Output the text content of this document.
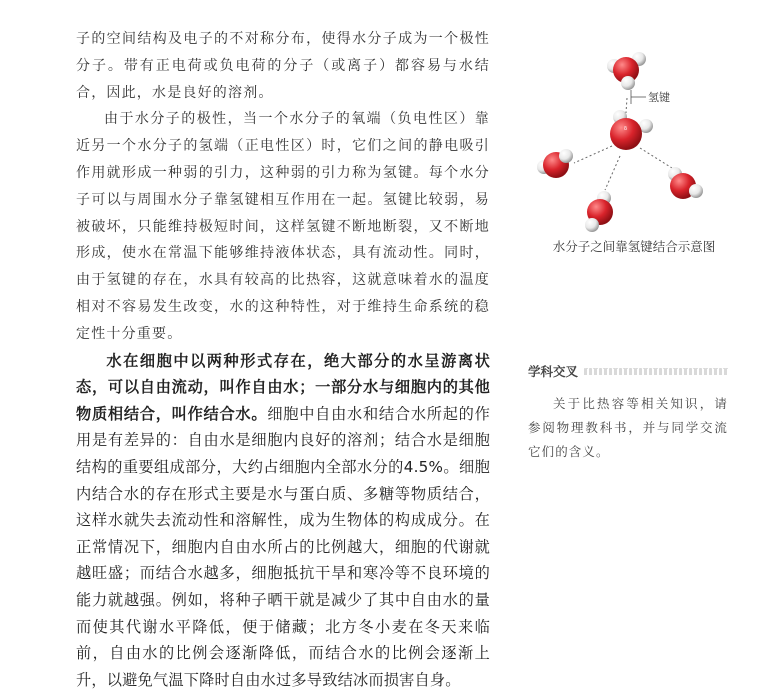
子的空间结构及电子的不对称分布，使得水分子成为一个极性分子。带有正电荷或负电荷的分子（或离子）都容易与水结合，因此，水是良好的溶剂。

由于水分子的极性，当一个水分子的氧端（负电性区）靠近另一个水分子的氢端（正电性区）时，它们之间的静电吸引作用就形成一种弱的引力，这种弱的引力称为氢键。每个水分子可以与周围水分子靠氢键相互作用在一起。氢键比较弱，易被破坏，只能维持极短时间，这样氢键不断地断裂，又不断地形成，使水在常温下能够维持液体状态，具有流动性。同时，由于氢键的存在，水具有较高的比热容，这就意味着水的温度相对不容易发生改变，水的这种特性，对于维持生命系统的稳定性十分重要。

水在细胞中以两种形式存在，绝大部分的水呈游离状态，可以自由流动，叫作自由水；一部分水与细胞内的其他物质相结合，叫作结合水。细胞中自由水和结合水所起的作用是有差异的：自由水是细胞内良好的溶剂；结合水是细胞结构的重要组成部分，大约占细胞内全部水分的4.5%。细胞内结合水的存在形式主要是水与蛋白质、多糖等物质结合，这样水就失去流动性和溶解性，成为生物体的构成成分。在正常情况下，细胞内自由水所占的比例越大，细胞的代谢就越旺盛；而结合水越多，细胞抵抗干旱和寒冷等不良环境的能力就越强。例如，将种子晒干就是减少了其中自由水的量而使其代谢水平降低，便于储藏；北方冬小麦在冬天来临前，自由水的比例会逐渐降低，而结合水的比例会逐渐上升，以避免气温下降时自由水过多导致结冰而损害自身。

氢键
δ
水分子之间靠氢键结合示意图
学科交叉

关于比热容等相关知识，请参阅物理教科书，并与同学交流它们的含义。
